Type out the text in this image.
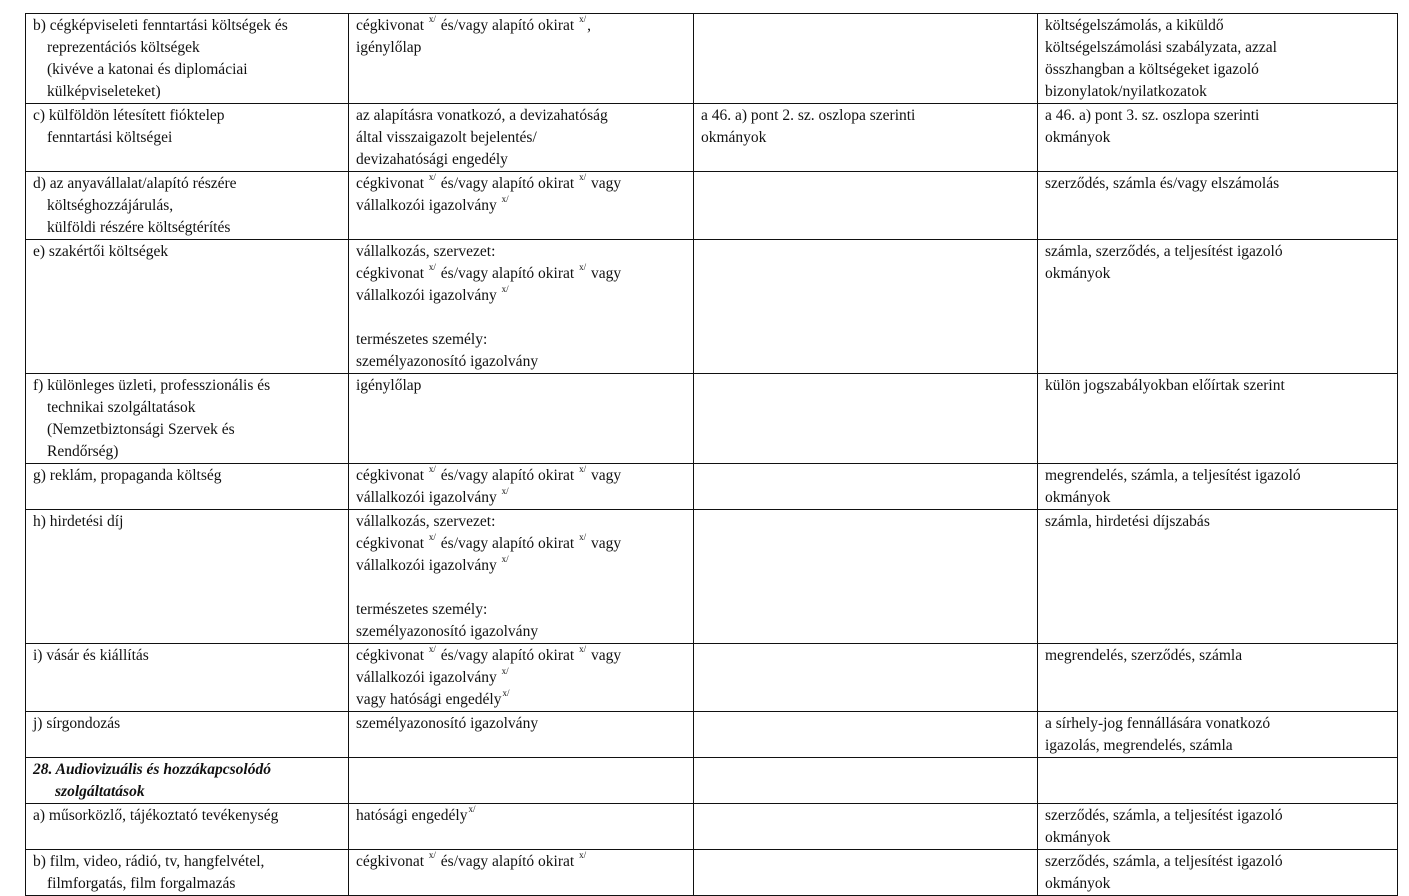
b) cégképviseleti fenntartási költségek és
reprezentációs költségek
(kivéve a katonai és diplomáciai
külképviseleteket)	cégkivonat $^{x/}$ és/vagy alapító okirat $^{x/}$,
igénylőlap		költségelszámolás, a kiküldő
költségelszámolási szabályzata, azzal
összhangban a költségeket igazoló
bizonylatok/nyilatkozatok

c) külföldön létesített fióktelep
fenntartási költségei	az alapításra vonatkozó, a devizahatóság
által visszaigazolt bejelentés/
devizahatósági engedély	a 46. a) pont 2. sz. oszlopa szerinti
okmányok	a 46. a) pont 3. sz. oszlopa szerinti
okmányok

d) az anyavállalat/alapító részére
költséghozzájárulás,
külföldi részére költségtérítés	cégkivonat $^{x/}$ és/vagy alapító okirat $^{x/}$ vagy
vállalkozói igazolvány $^{x/}$		szerződés, számla és/vagy elszámolás

e) szakértői költségek	vállalkozás, szervezet:
cégkivonat $^{x/}$ és/vagy alapító okirat $^{x/}$ vagy
vállalkozói igazolvány $^{x/}$
természetes személy:
személyazonosító igazolvány		számla, szerződés, a teljesítést igazoló
okmányok

f) különleges üzleti, professzionális és
technikai szolgáltatások
(Nemzetbiztonsági Szervek és
Rendőrség)	igénylőlap		külön jogszabályokban előírtak szerint

g) reklám, propaganda költség	cégkivonat $^{x/}$ és/vagy alapító okirat $^{x/}$ vagy
vállalkozói igazolvány $^{x/}$		megrendelés, számla, a teljesítést igazoló
okmányok

h) hirdetési díj	vállalkozás, szervezet:
cégkivonat $^{x/}$ és/vagy alapító okirat $^{x/}$ vagy
vállalkozói igazolvány $^{x/}$
természetes személy:
személyazonosító igazolvány		számla, hirdetési díjszabás

i) vásár és kiállítás	cégkivonat $^{x/}$ és/vagy alapító okirat $^{x/}$ vagy
vállalkozói igazolvány $^{x/}$
vagy hatósági engedély$^{x/}$		megrendelés, szerződés, számla

j) sírgondozás	személyazonosító igazolvány		a sírhely-jog fennállására vonatkozó
igazolás, megrendelés, számla

28. Audiovizuális és hozzákapcsolódó
szolgáltatások			

a) műsorközlő, tájékoztató tevékenység	hatósági engedély$^{x/}$		szerződés, számla, a teljesítést igazoló
okmányok

b) film, video, rádió, tv, hangfelvétel,
filmforgatás, film forgalmazás	cégkivonat $^{x/}$ és/vagy alapító okirat $^{x/}$		szerződés, számla, a teljesítést igazoló
okmányok
